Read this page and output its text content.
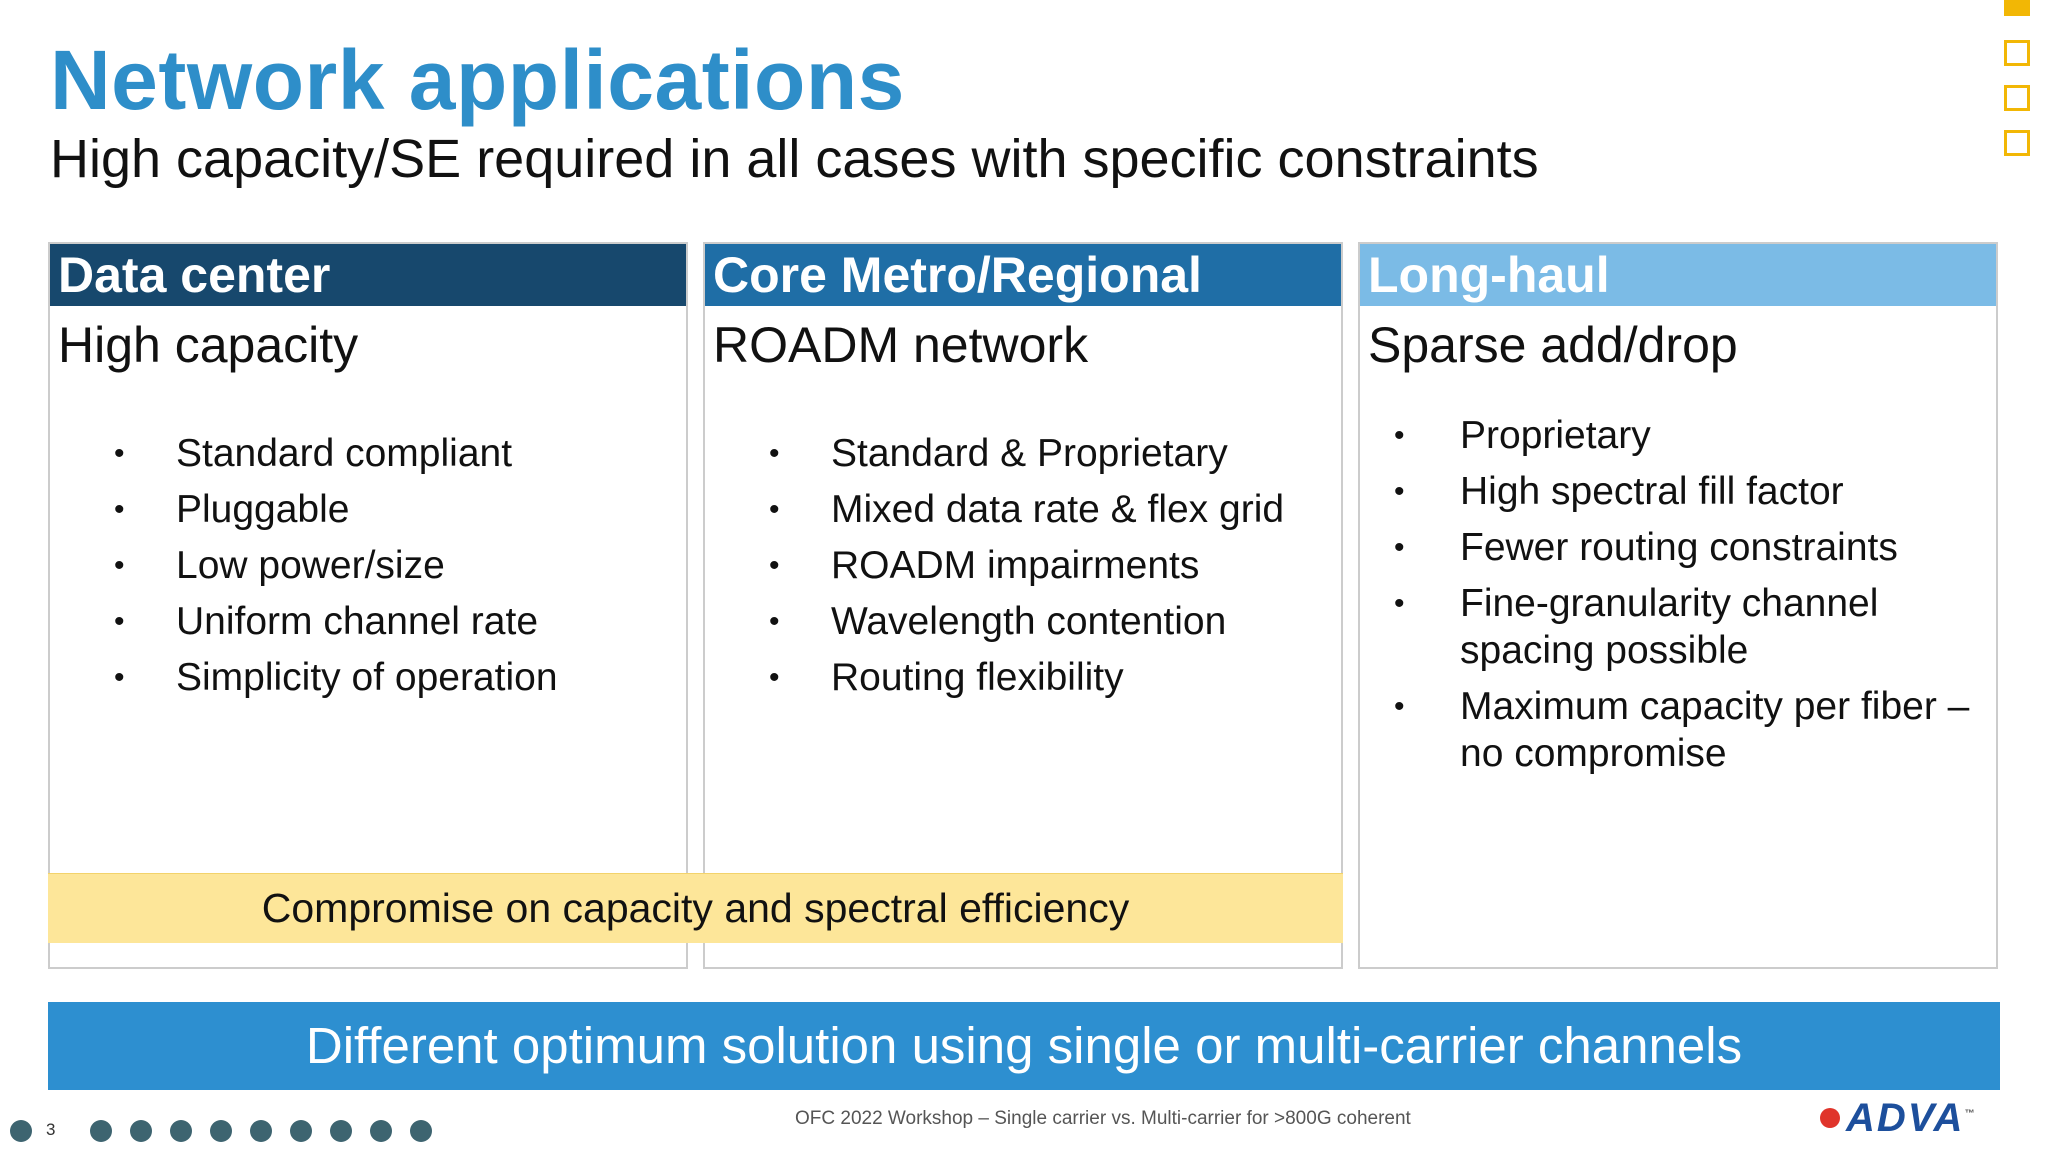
Network applications
High capacity/SE required in all cases with specific constraints
Data center
High capacity
• Standard compliant
• Pluggable
• Low power/size
• Uniform channel rate
• Simplicity of operation
Core Metro/Regional
ROADM network
• Standard & Proprietary
• Mixed data rate & flex grid
• ROADM impairments
• Wavelength contention
• Routing flexibility
Long-haul
Sparse add/drop
• Proprietary
• High spectral fill factor
• Fewer routing constraints
• Fine-granularity channel spacing possible
• Maximum capacity per fiber – no compromise
Compromise on capacity and spectral efficiency
Different optimum solution using single or multi-carrier channels
3
OFC 2022 Workshop – Single carrier vs. Multi-carrier for >800G coherent	ADVA™
